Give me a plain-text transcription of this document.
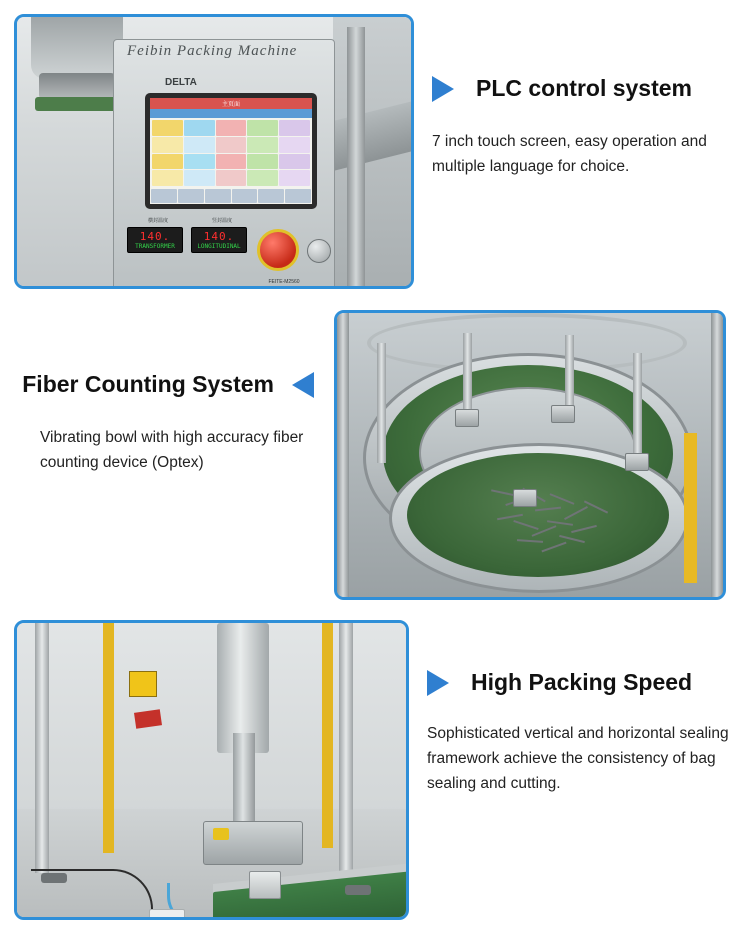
Feibin Packing Machine
DELTA
主页面
横封温度	竖封温度
140.
TRANSFORMER
140.
LONGITUDINAL
FEITE-M2560
PLC control system
7 inch touch screen, easy operation and multiple language for choice.
Fiber Counting System
Vibrating bowl with high accuracy fiber counting device (Optex)
High Packing Speed
Sophisticated vertical and horizontal sealing framework achieve the consistency of bag sealing and cutting.
